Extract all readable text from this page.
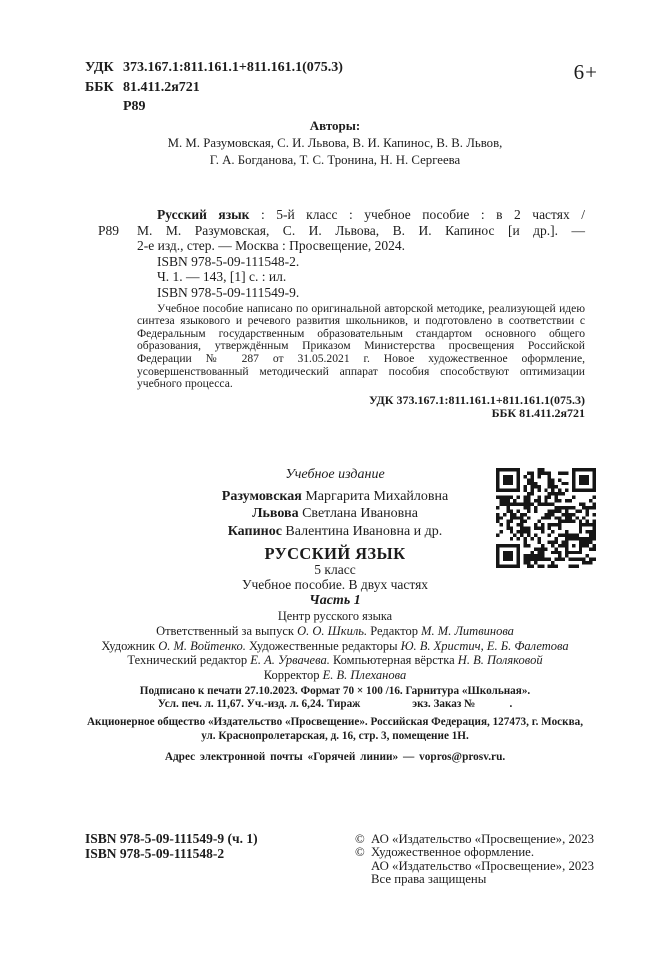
6+
УДК 373.167.1:811.161.1+811.161.1(075.3)
ББК 81.411.2я721
Р89
Авторы:
М. М. Разумовская, С. И. Львова, В. И. Капинос, В. В. Львов,
Г. А. Богданова, Т. С. Тронина, Н. Н. Сергеева
Р89
Русский язык : 5-й класс : учебное пособие : в 2 частях /
М. М. Разумовская, С. И. Львова, В. И. Капинос [и др.]. —
2-е изд., стер. — Москва : Просвещение, 2024.
ISBN 978-5-09-111548-2.
Ч. 1. — 143, [1] с. : ил.
ISBN 978-5-09-111549-9.

Учебное пособие написано по оригинальной авторской методике, реализующей идею синтеза языкового и речевого развития школьников, и подготовлено в соответствии с Федеральным государственным образовательным стандартом основного общего образования, утверждённым Приказом Министерства просвещения Российской Федерации № 287 от 31.05.2021 г. Новое художественное оформление, усовершенствованный методический аппарат пособия способствуют оптимизации учебного процесса.

УДК 373.167.1:811.161.1+811.161.1(075.3)
ББК 81.411.2я721
Учебное издание
Разумовская Маргарита Михайловна
Львова Светлана Ивановна
Капинос Валентина Ивановна и др.
РУССКИЙ ЯЗЫК
5 класс
Учебное пособие. В двух частях
Часть 1
Центр русского языка
Ответственный за выпуск О. О. Шкиль. Редактор М. М. Литвинова
Художник О. М. Войтенко. Художественные редакторы Ю. В. Христич, Е. Б. Фалетова
Технический редактор Е. А. Урвачева. Компьютерная вёрстка Н. В. Поляковой
Корректор Е. В. Плеханова
Подписано к печати 27.10.2023. Формат 70 × 100 /16. Гарнитура «Школьная».
Усл. печ. л. 11,67. Уч.-изд. л. 6,24. Тираж	экз. Заказ №	.
Акционерное общество «Издательство «Просвещение». Российская Федерация, 127473, г. Москва,
ул. Краснопролетарская, д. 16, стр. 3, помещение 1Н.
Адрес электронной почты «Горячей линии» — vopros@prosv.ru.
ISBN 978-5-09-111549-9 (ч. 1)
ISBN 978-5-09-111548-2
© АО «Издательство «Просвещение», 2023
© Художественное оформление.
АО «Издательство «Просвещение», 2023
Все права защищены
